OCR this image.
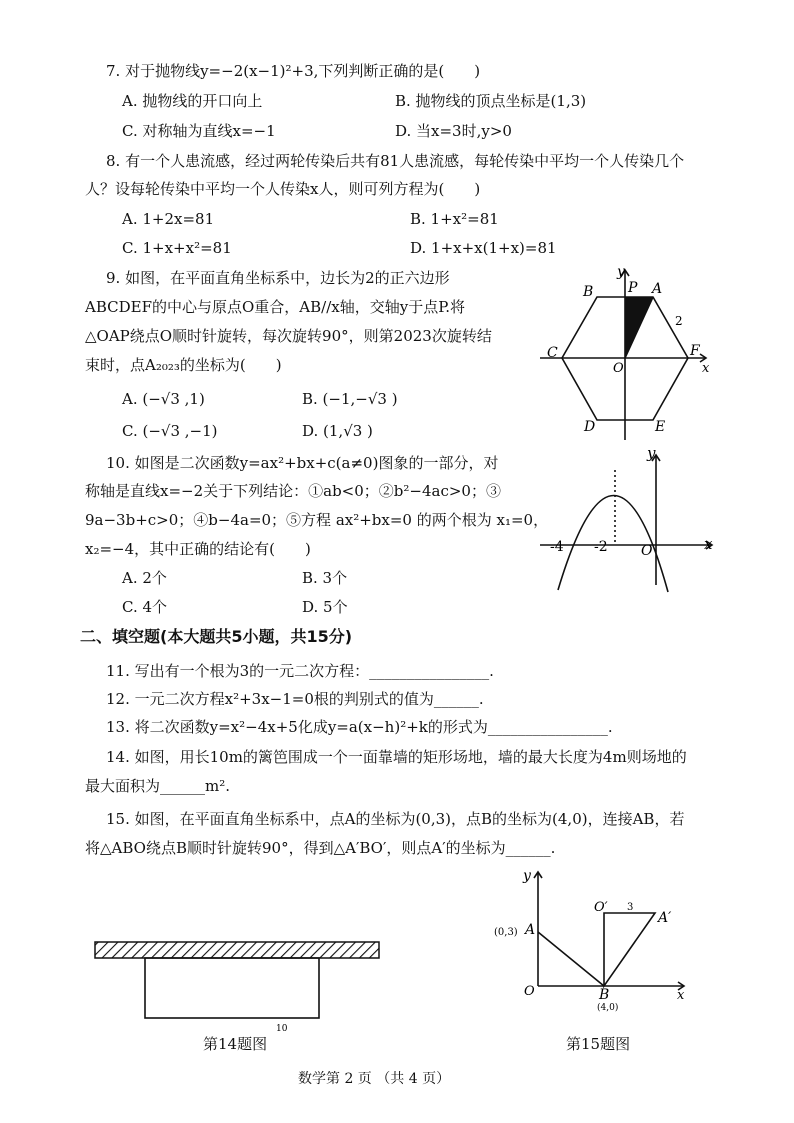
7. 对于抛物线y=−2(x−1)²+3,下列判断正确的是(　　)
A. 抛物线的开口向上	B. 抛物线的顶点坐标是(1,3)
C. 对称轴为直线x=−1	D. 当x=3时,y>0
8. 有一个人患流感，经过两轮传染后共有81人患流感，每轮传染中平均一个人传染几个
人？设每轮传染中平均一个人传染x人，则可列方程为(　　)
A. 1+2x=81	B. 1+x²=81
C. 1+x+x²=81	D. 1+x+x(1+x)=81
9. 如图，在平面直角坐标系中，边长为2的正六边形
ABCDEF的中心与原点O重合，AB//x轴，交轴y于点P.将
△OAP绕点O顺时针旋转，每次旋转90°，则第2023次旋转结
束时，点A₂₀₂₃的坐标为(　　)
A. (−√3 ,1)	B. (−1,−√3 )
C. (−√3 ,−1)	D. (1,√3 )
y
B P A
2
C
O
F
x
D	E
10. 如图是二次函数y=ax²+bx+c(a≠0)图象的一部分，对
称轴是直线x=−2关于下列结论：①ab<0；②b²−4ac>0；③
9a−3b+c>0；④b−4a=0；⑤方程 ax²+bx=0 的两个根为 x₁=0，
x₂=−4，其中正确的结论有(　　)
A. 2个	B. 3个
C. 4个	D. 5个
y
-4 -2 O	x
二、填空题(本大题共5小题，共15分)
11. 写出有一个根为3的一元二次方程：________________.
12. 一元二次方程x²+3x−1=0根的判别式的值为______.
13. 将二次函数y=x²−4x+5化成y=a(x−h)²+k的形式为________________.
14. 如图，用长10m的篱笆围成一个一面靠墙的矩形场地，墙的最大长度为4m则场地的
最大面积为______m².
15. 如图，在平面直角坐标系中，点A的坐标为(0,3)，点B的坐标为(4,0)，连接AB，若
将△ABO绕点B顺时针旋转90°，得到△A′BO′，则点A′的坐标为______.
10
第14题图
y
O′ 3
A′
(0,3) A
O	B	x
(4,0)
第15题图
数学第 2 页 （共 4 页）
